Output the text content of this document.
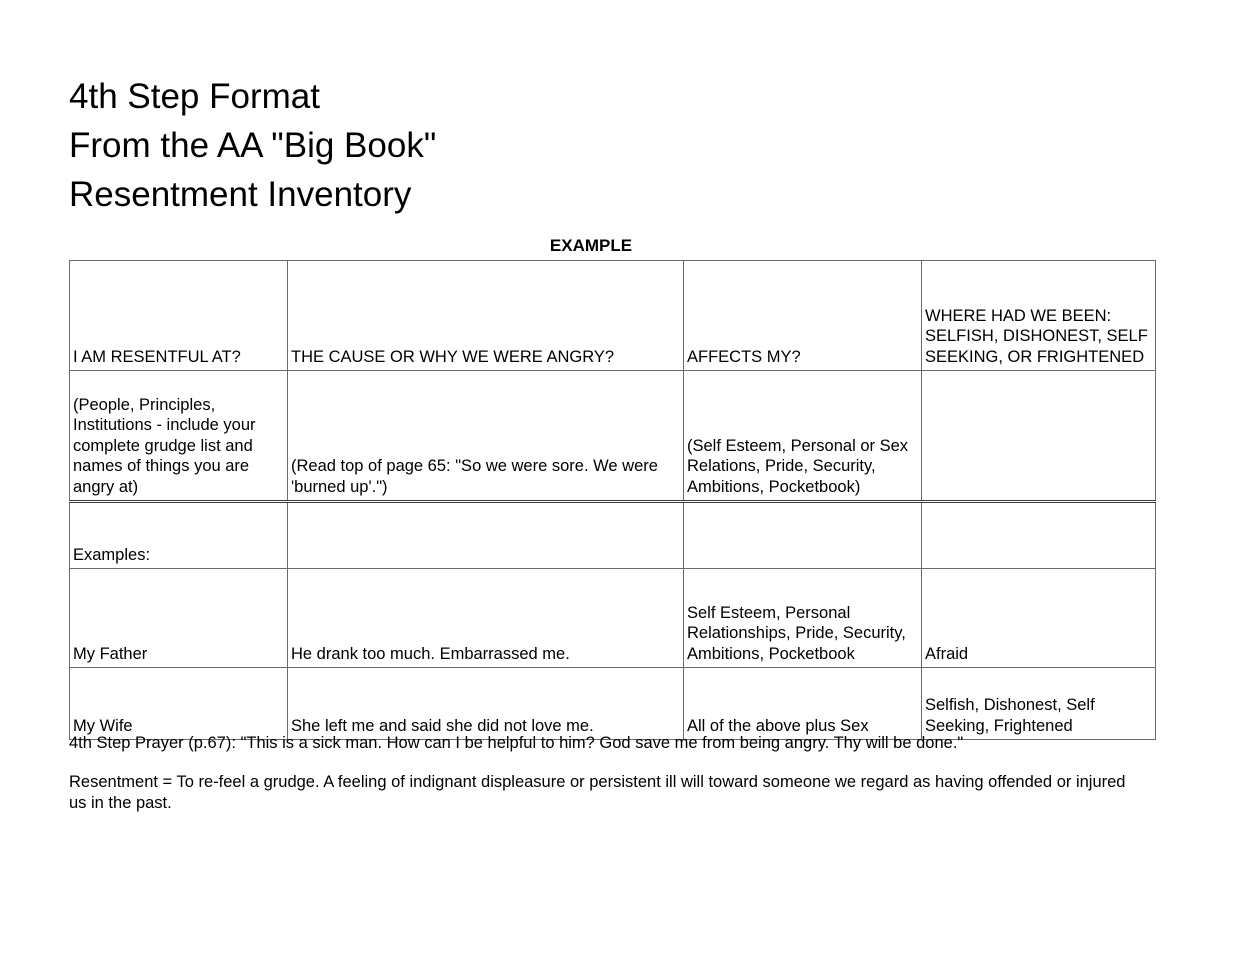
4th Step Format
From the AA "Big Book"
Resentment Inventory
EXAMPLE
I AM RESENTFUL AT?	THE CAUSE OR WHY WE WERE ANGRY?	AFFECTS MY?	WHERE HAD WE BEEN: SELFISH, DISHONEST, SELF SEEKING, OR FRIGHTENED

(People, Principles, Institutions - include your complete grudge list and names of things you are angry at)	(Read top of page 65: "So we were sore. We were 'burned up'.")	(Self Esteem, Personal or Sex Relations, Pride, Security, Ambitions, Pocketbook)	

Examples:			

My Father	He drank too much. Embarrassed me.	Self Esteem, Personal Relationships, Pride, Security, Ambitions, Pocketbook	Afraid

My Wife	She left me and said she did not love me.	All of the above plus Sex	Selfish, Dishonest, Self Seeking, Frightened

4th Step Prayer (p.67): "This is a sick man. How can I be helpful to him? God save me from being angry. Thy will be done."

Resentment = To re-feel a grudge. A feeling of indignant displeasure or persistent ill will toward someone we regard as having offended or injured us in the past.
